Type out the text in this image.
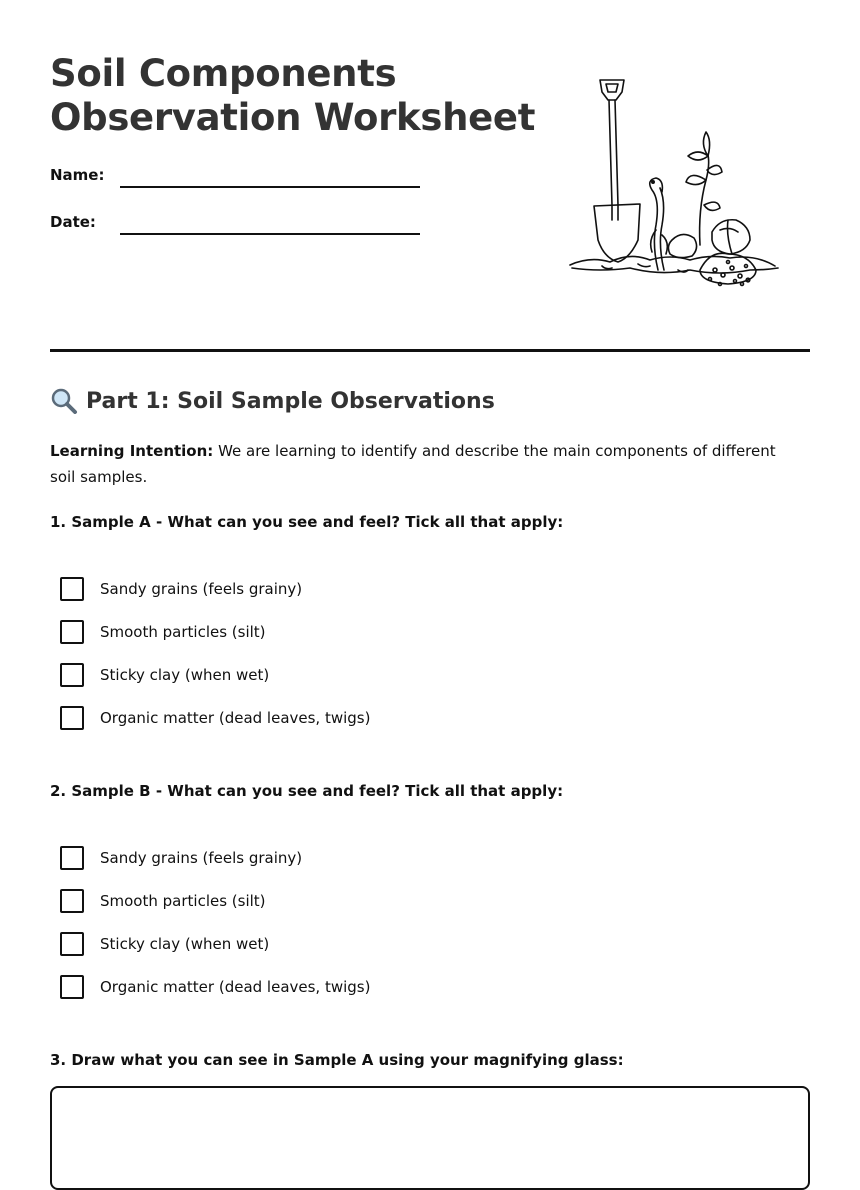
Soil Components
Observation Worksheet
Name:
Date:
Part 1: Soil Sample Observations

Learning Intention: We are learning to identify and describe the main components of different soil samples.

1. Sample A - What can you see and feel? Tick all that apply:

Sandy grains (feels grainy)
Smooth particles (silt)
Sticky clay (when wet)
Organic matter (dead leaves, twigs)

2. Sample B - What can you see and feel? Tick all that apply:

Sandy grains (feels grainy)
Smooth particles (silt)
Sticky clay (when wet)
Organic matter (dead leaves, twigs)

3. Draw what you can see in Sample A using your magnifying glass:
